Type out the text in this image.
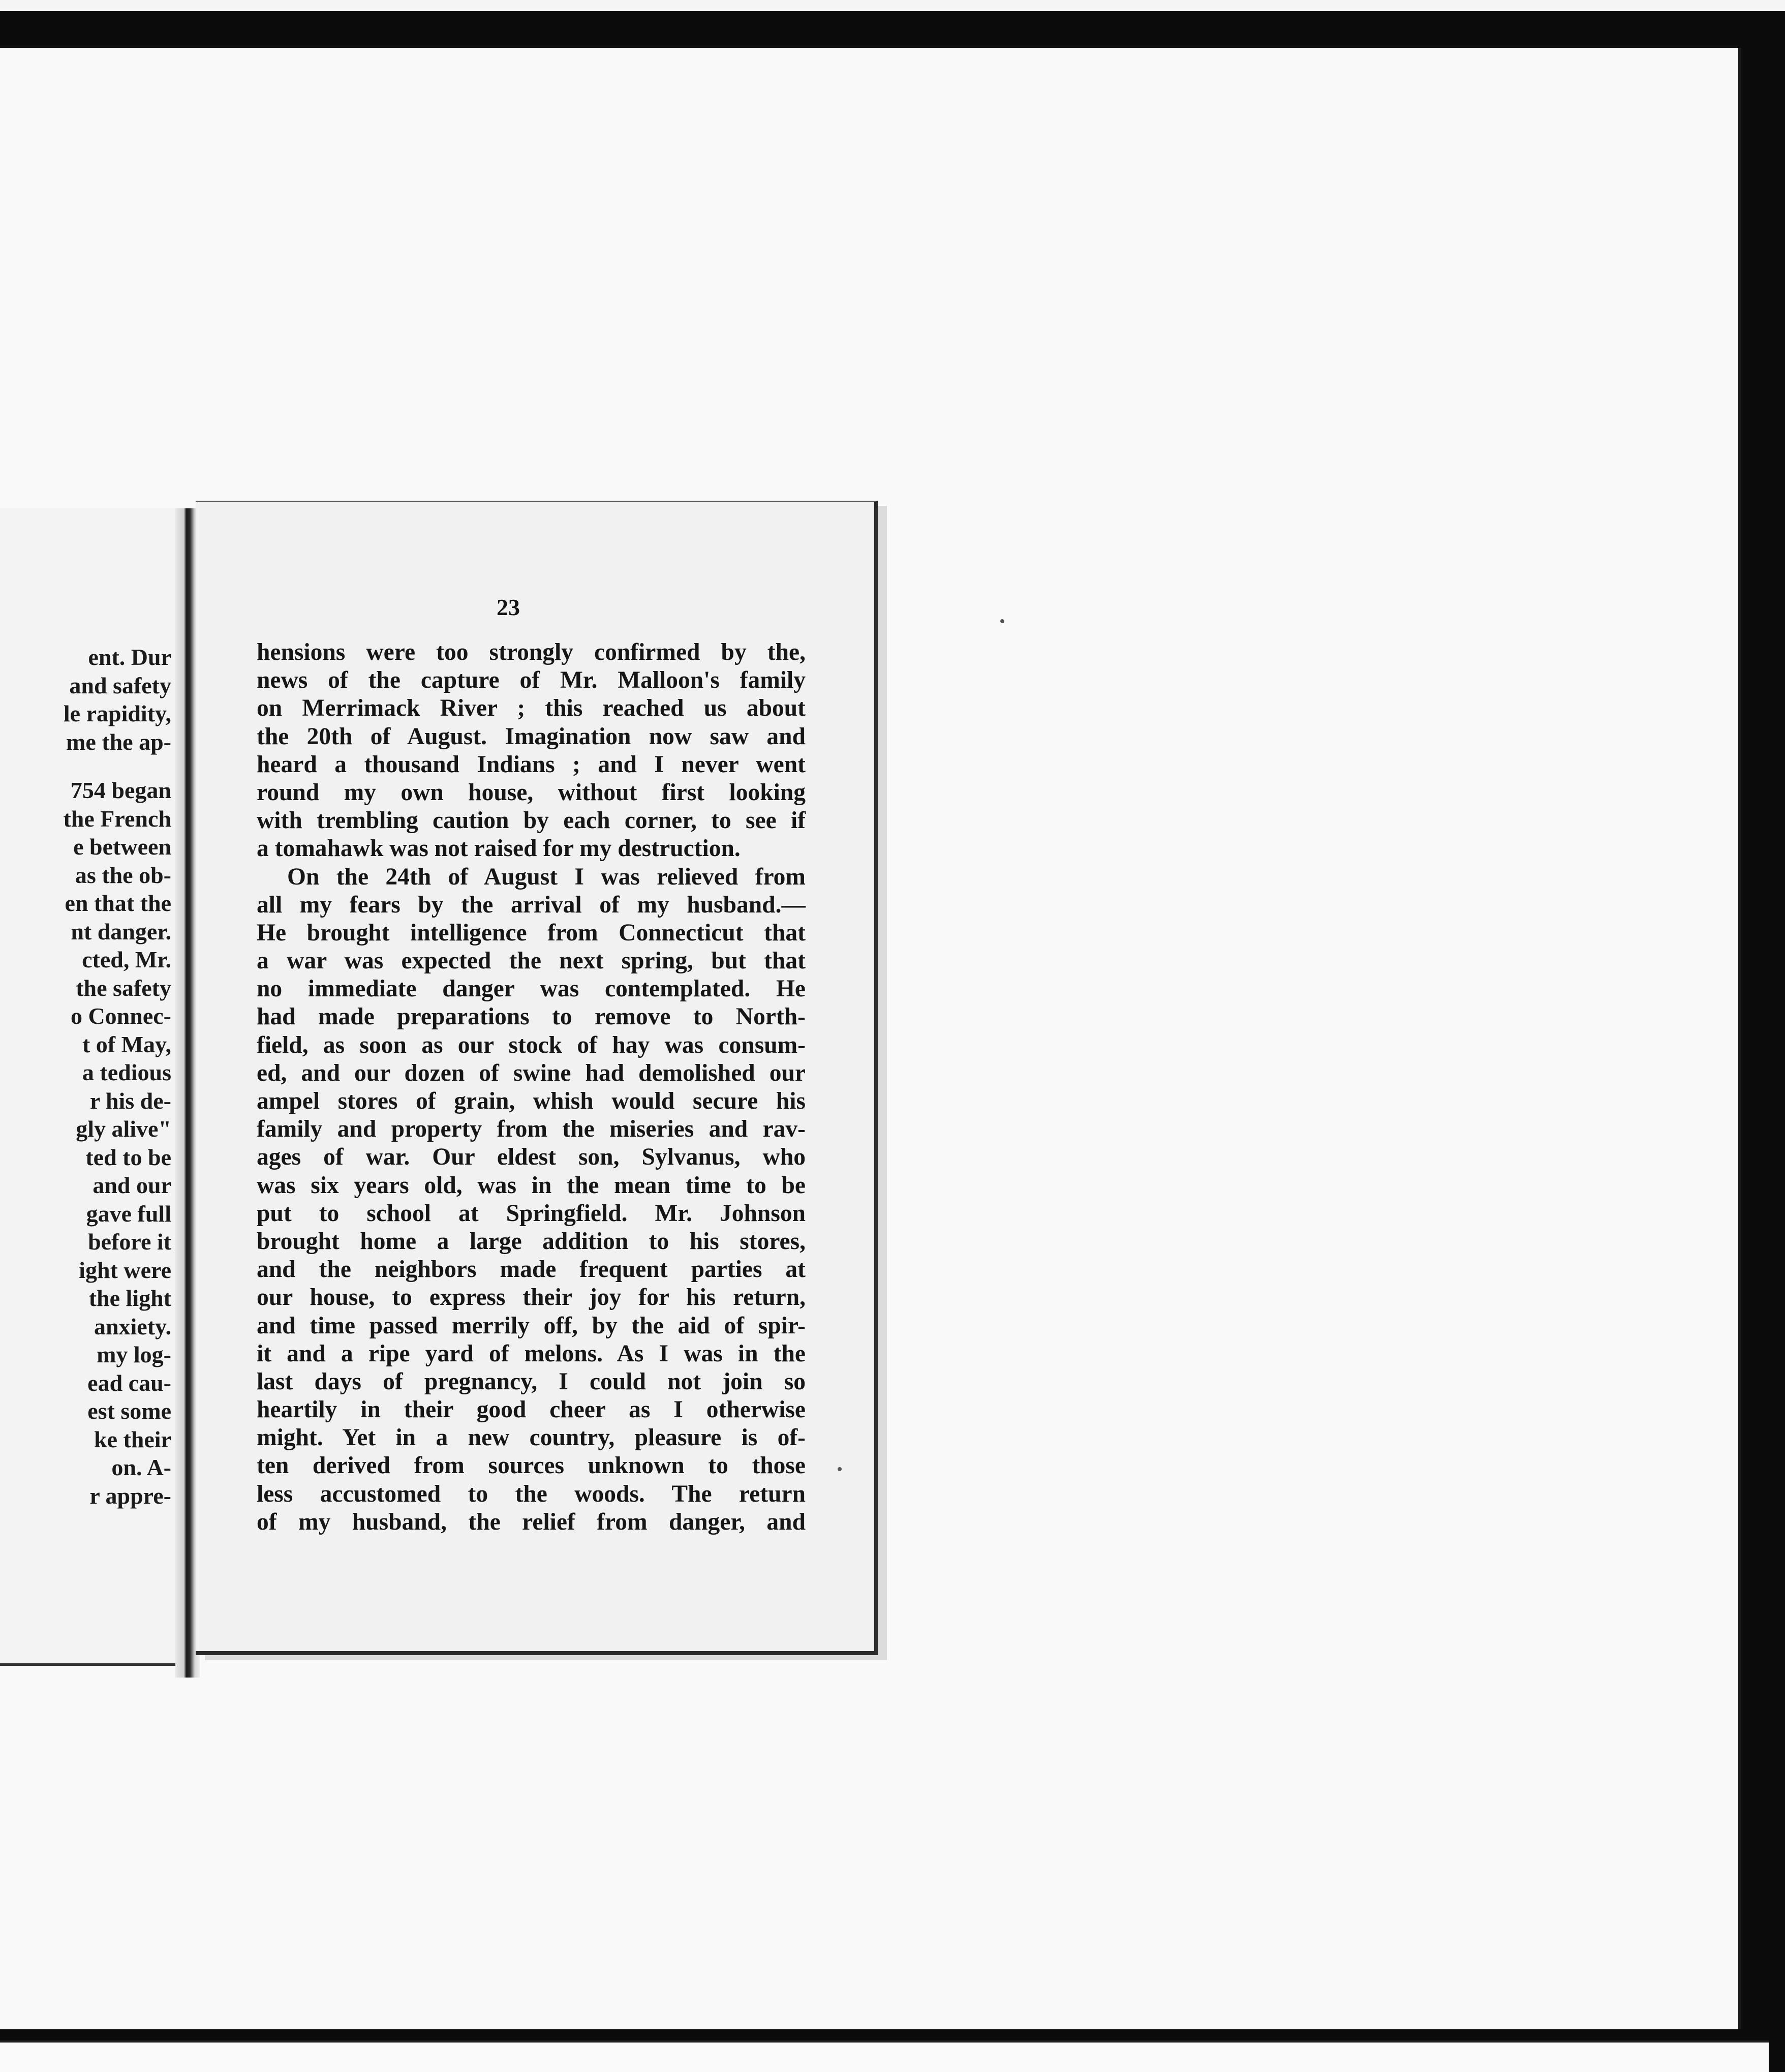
ent. Dur
and safety
le rapidity,
me the ap-
754 began
the French
e between
as the ob-
en that the
nt danger.
cted, Mr.
the safety
o Connec-
t of May,
a tedious
r his de-
gly alive"
ted to be
and our
gave full
before it
ight were
the light
anxiety.
my log-
ead cau-
est some
ke their
on. A-
r appre-
23
hensions were too strongly confirmed by the,
news of the capture of Mr. Malloon's family
on Merrimack River ; this reached us about
the 20th of August. Imagination now saw and
heard a thousand Indians ; and I never went
round my own house, without first looking
with trembling caution by each corner, to see if
a tomahawk was not raised for my destruction.
On the 24th of August I was relieved from
all my fears by the arrival of my husband.—
He brought intelligence from Connecticut that
a war was expected the next spring, but that
no immediate danger was contemplated. He
had made preparations to remove to North-
field, as soon as our stock of hay was consum-
ed, and our dozen of swine had demolished our
ampel stores of grain, whish would secure his
family and property from the miseries and rav-
ages of war. Our eldest son, Sylvanus, who
was six years old, was in the mean time to be
put to school at Springfield. Mr. Johnson
brought home a large addition to his stores,
and the neighbors made frequent parties at
our house, to express their joy for his return,
and time passed merrily off, by the aid of spir-
it and a ripe yard of melons. As I was in the
last days of pregnancy, I could not join so
heartily in their good cheer as I otherwise
might. Yet in a new country, pleasure is of-
ten derived from sources unknown to those
less accustomed to the woods. The return
of my husband, the relief from danger, and
